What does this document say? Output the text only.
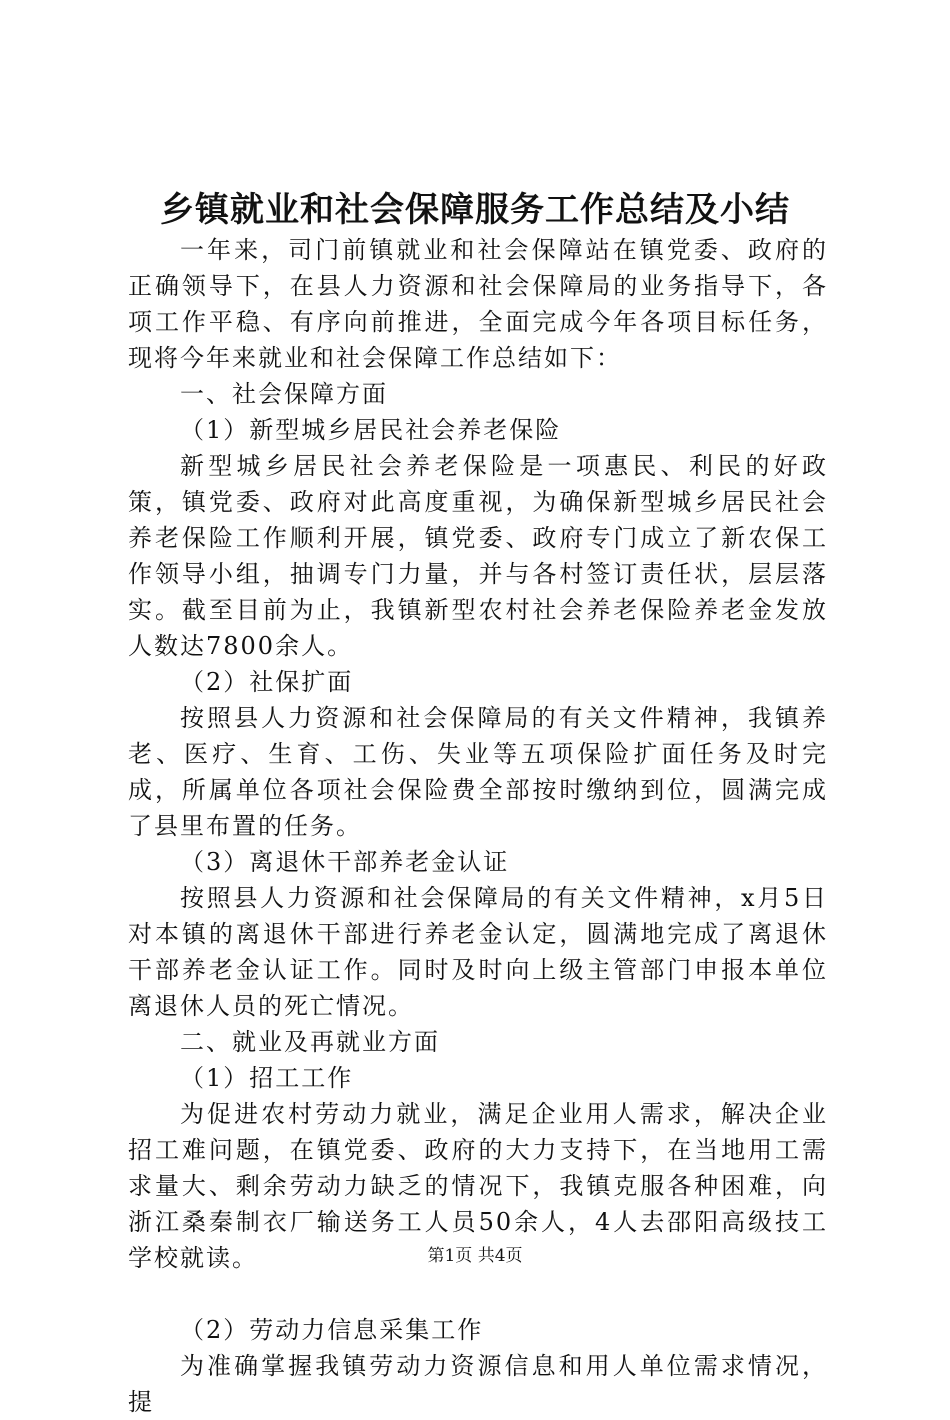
乡镇就业和社会保障服务工作总结及小结

一年来，司门前镇就业和社会保障站在镇党委、政府的正确领导下，在县人力资源和社会保障局的业务指导下，各项工作平稳、有序向前推进，全面完成今年各项目标任务，现将今年来就业和社会保障工作总结如下：

一、社会保障方面

（1）新型城乡居民社会养老保险

新型城乡居民社会养老保险是一项惠民、利民的好政策，镇党委、政府对此高度重视，为确保新型城乡居民社会养老保险工作顺利开展，镇党委、政府专门成立了新农保工作领导小组，抽调专门力量，并与各村签订责任状，层层落实。截至目前为止，我镇新型农村社会养老保险养老金发放人数达7800余人。

（2）社保扩面

按照县人力资源和社会保障局的有关文件精神，我镇养老、医疗、生育、工伤、失业等五项保险扩面任务及时完成，所属单位各项社会保险费全部按时缴纳到位，圆满完成了县里布置的任务。

（3）离退休干部养老金认证

按照县人力资源和社会保障局的有关文件精神，x月5日对本镇的离退休干部进行养老金认定，圆满地完成了离退休干部养老金认证工作。同时及时向上级主管部门申报本单位离退休人员的死亡情况。

二、就业及再就业方面

（1）招工工作

为促进农村劳动力就业，满足企业用人需求，解决企业招工难问题，在镇党委、政府的大力支持下，在当地用工需求量大、剩余劳动力缺乏的情况下，我镇克服各种困难，向浙江桑秦制衣厂输送务工人员50余人，4人去邵阳高级技工学校就读。

（2）劳动力信息采集工作

为准确掌握我镇劳动力资源信息和用人单位需求情况，提

第1页 共4页
